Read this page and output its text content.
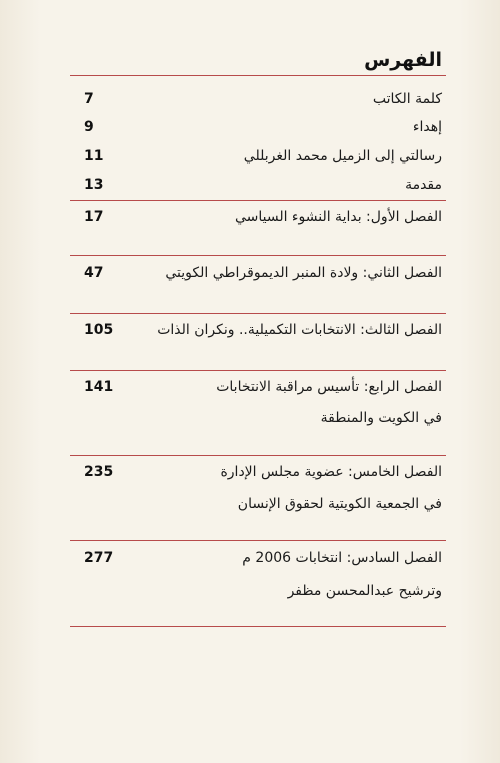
الفهرس
7	كلمة الكاتب
9	إهداء
11	رسالتي إلى الزميل محمد الغربللي
13	مقدمة
17	الفصل الأول: بداية النشوء السياسي
47	الفصل الثاني: ولادة المنبر الديموقراطي الكويتي
105	الفصل الثالث: الانتخابات التكميلية.. ونكران الذات
141	الفصل الرابع: تأسيس مراقبة الانتخابات
في الكويت والمنطقة
235	الفصل الخامس: عضوية مجلس الإدارة
في الجمعية الكويتية لحقوق الإنسان
277	الفصل السادس: انتخابات 2006 م
وترشيح عبدالمحسن مظفر
